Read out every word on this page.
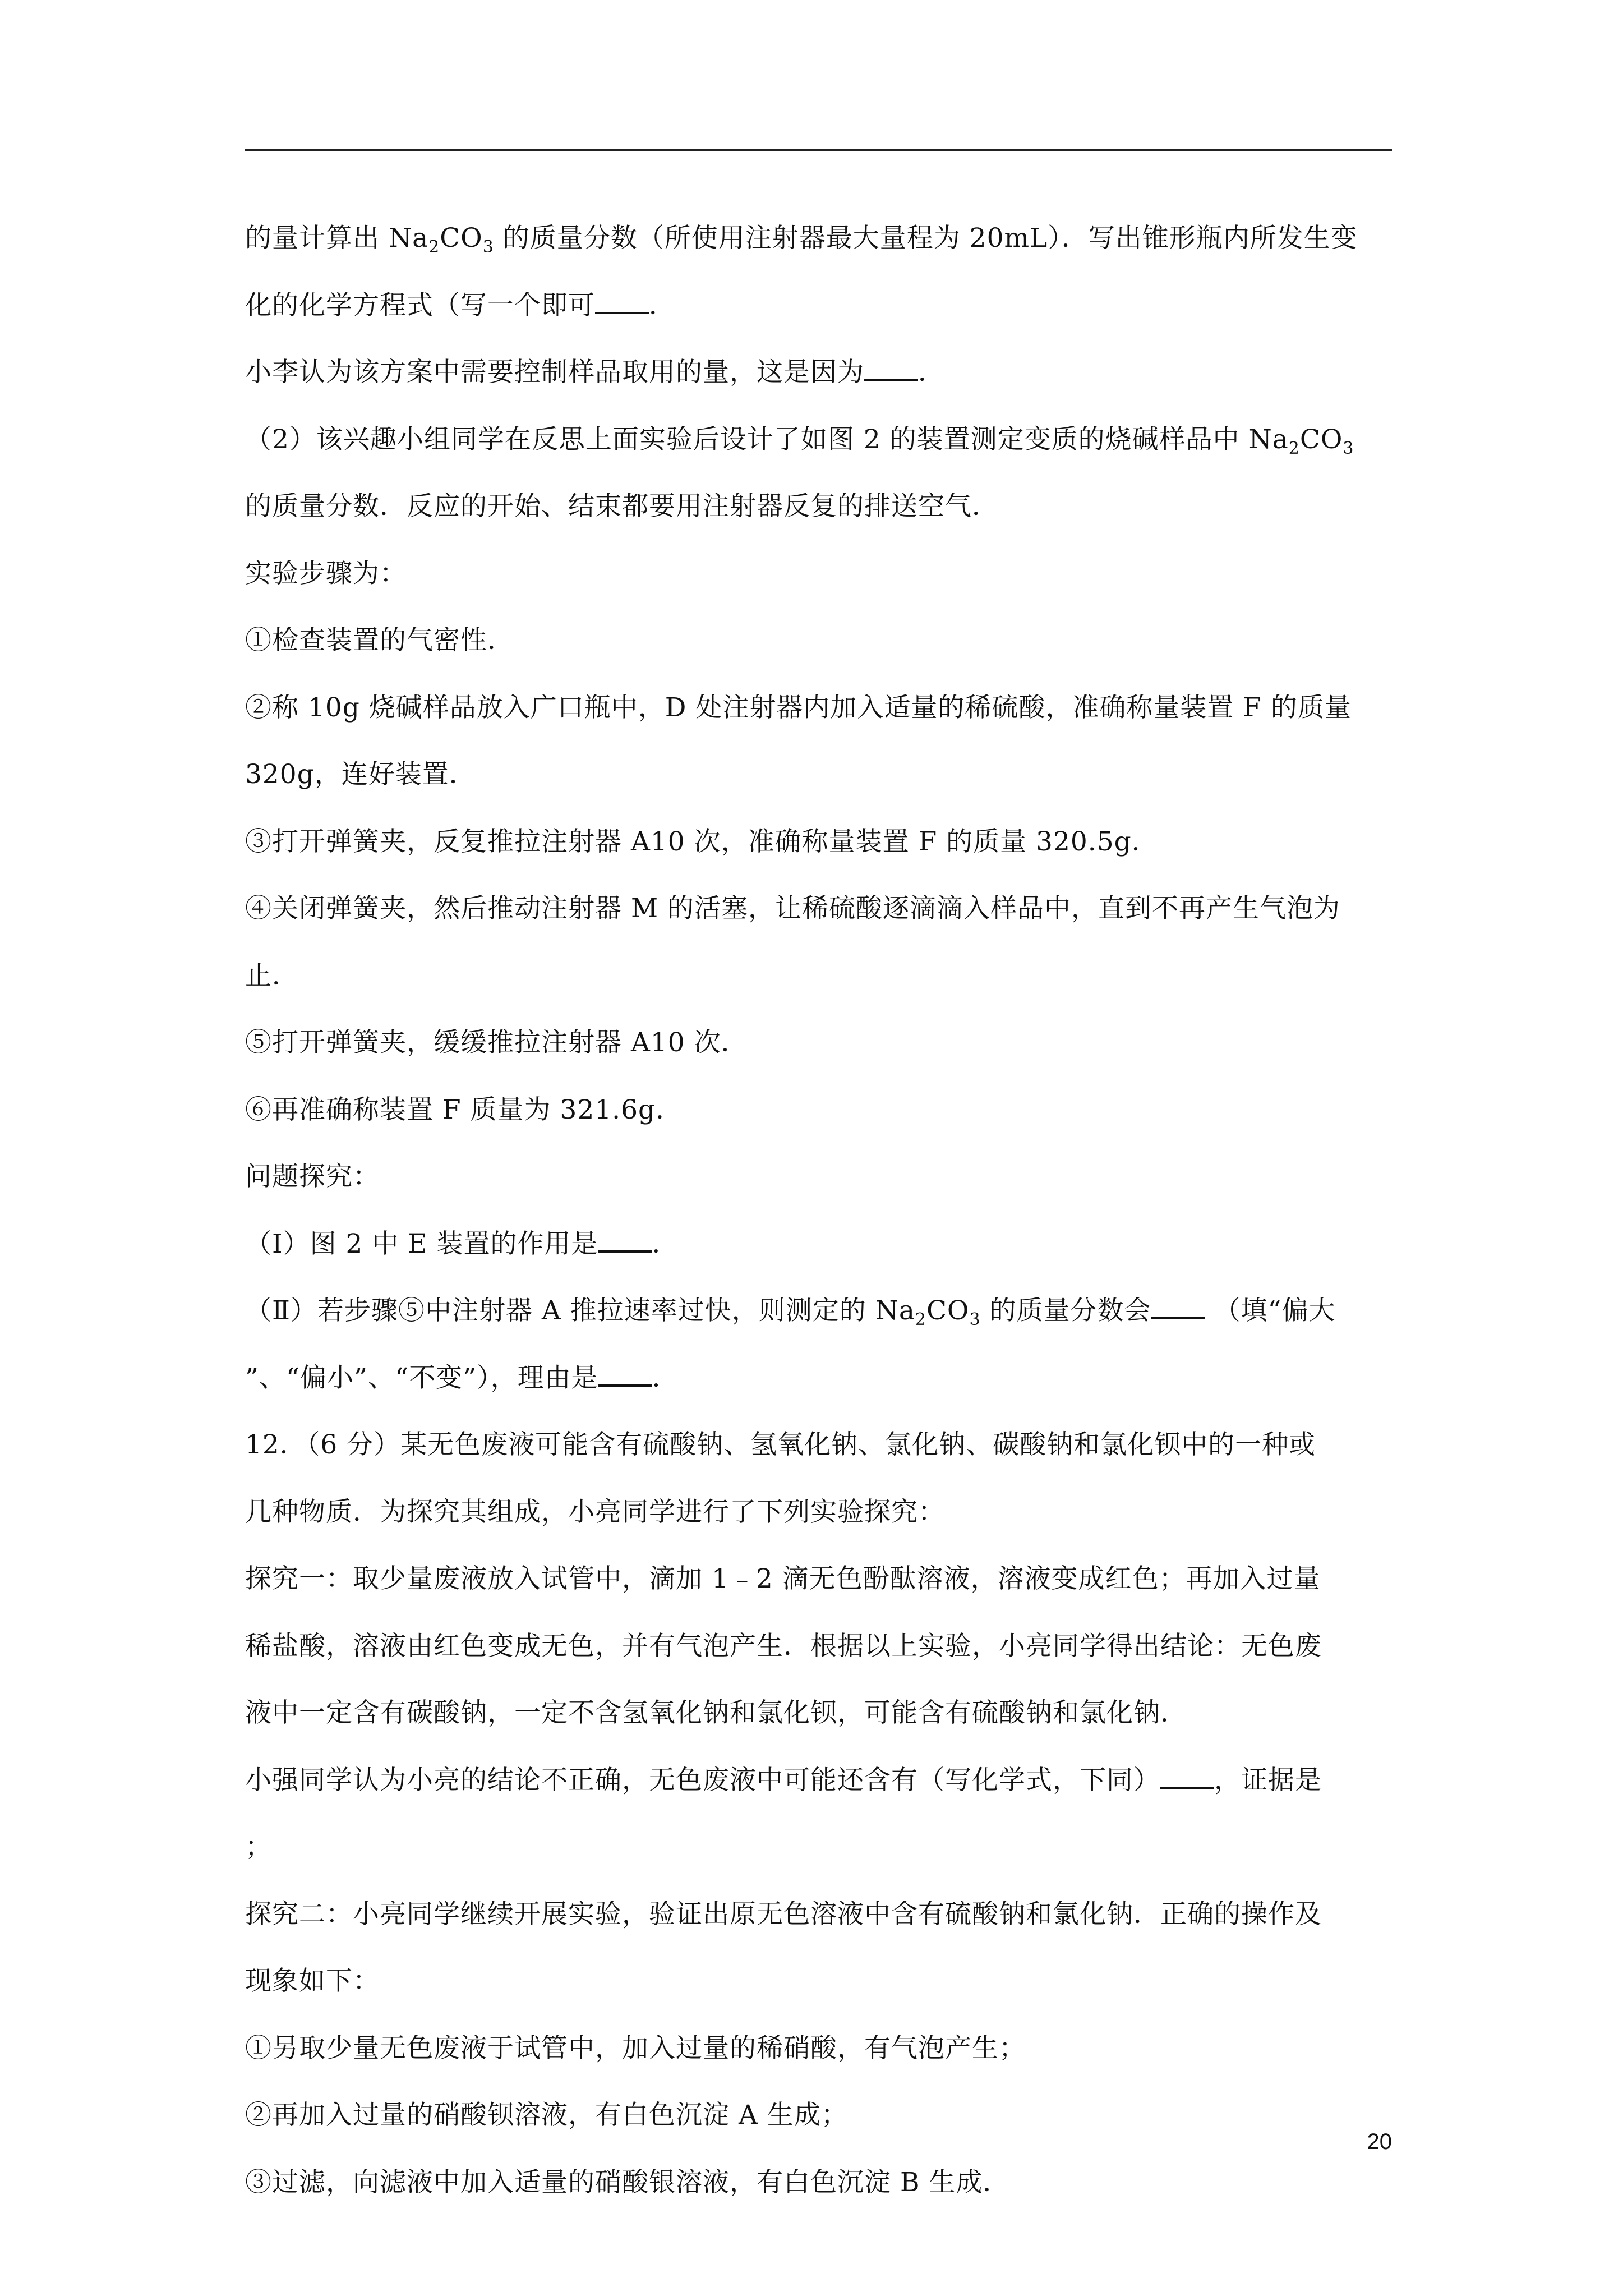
的量计算出 $Na_2CO_3$ 的质量分数（所使用注射器最大量程为 20mL）．写出锥形瓶内所发生变
化的化学方程式（写一个即可 ．
小李认为该方案中需要控制样品取用的量，这是因为 ．
（2）该兴趣小组同学在反思上面实验后设计了如图 2 的装置测定变质的烧碱样品中 $Na_2CO_3$
的质量分数．反应的开始、结束都要用注射器反复的排送空气．
实验步骤为：
①检查装置的气密性．
②称 10g 烧碱样品放入广口瓶中，D 处注射器内加入适量的稀硫酸，准确称量装置 F 的质量
320g，连好装置．
③打开弹簧夹，反复推拉注射器 A10 次，准确称量装置 F 的质量 320.5g．
④关闭弹簧夹，然后推动注射器 M 的活塞，让稀硫酸逐滴滴入样品中，直到不再产生气泡为
止．
⑤打开弹簧夹，缓缓推拉注射器 A10 次．
⑥再准确称装置 F 质量为 321.6g．
问题探究：
（Ⅰ）图 2 中 E 装置的作用是 ．
（Ⅱ）若步骤⑤中注射器 A 推拉速率过快，则测定的 $Na_2CO_3$ 的质量分数会 （填“偏大
”、“偏小”、“不变”），理由是 ．
12．（6 分）某无色废液可能含有硫酸钠、氢氧化钠、氯化钠、碳酸钠和氯化钡中的一种或
几种物质．为探究其组成，小亮同学进行了下列实验探究：
探究一：取少量废液放入试管中，滴加 1﹣2 滴无色酚酞溶液，溶液变成红色；再加入过量
稀盐酸，溶液由红色变成无色，并有气泡产生．根据以上实验，小亮同学得出结论：无色废
液中一定含有碳酸钠，一定不含氢氧化钠和氯化钡，可能含有硫酸钠和氯化钠．
小强同学认为小亮的结论不正确，无色废液中可能还含有（写化学式，下同） ，证据是
；
探究二：小亮同学继续开展实验，验证出原无色溶液中含有硫酸钠和氯化钠．正确的操作及
现象如下：
①另取少量无色废液于试管中，加入过量的稀硝酸，有气泡产生；
②再加入过量的硝酸钡溶液，有白色沉淀 A 生成；
③过滤，向滤液中加入适量的硝酸银溶液，有白色沉淀 B 生成．
20
